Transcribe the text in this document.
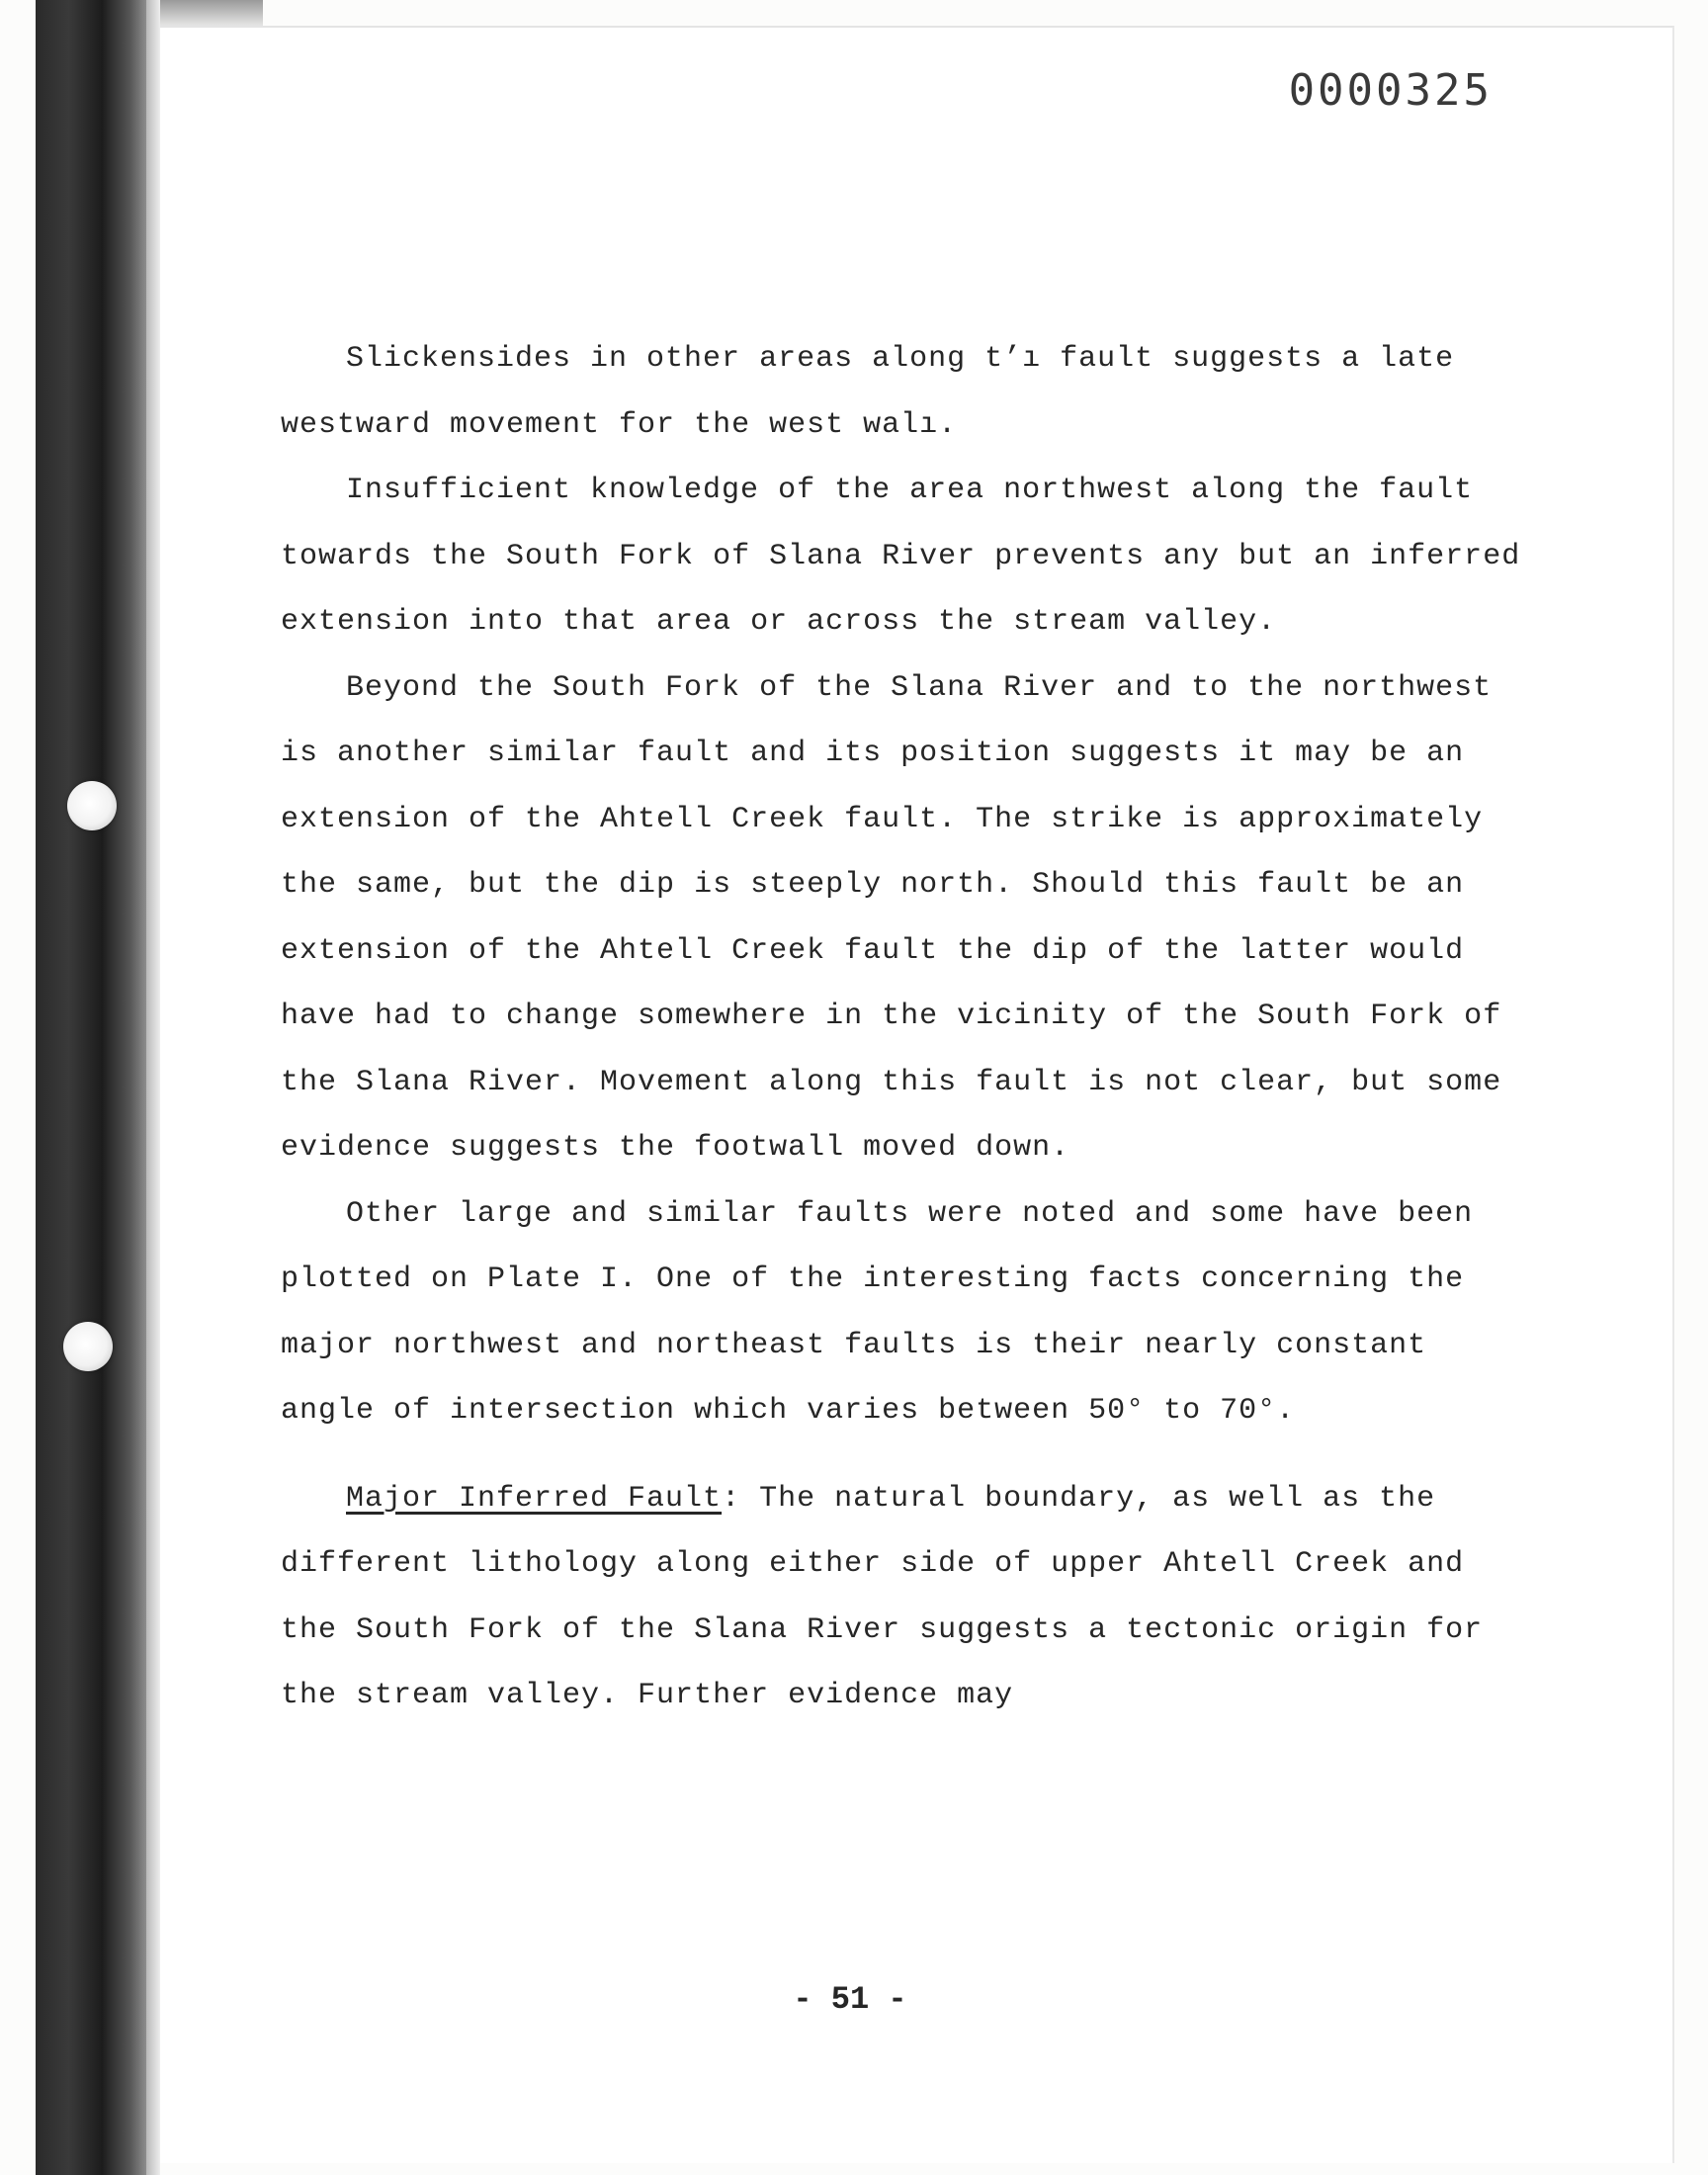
0000325

Slickensides in other areas along t’ı fault suggests a late westward movement for the west walı.

Insufficient knowledge of the area northwest along the fault towards the South Fork of Slana River prevents any but an inferred extension into that area or across the stream valley.

Beyond the South Fork of the Slana River and to the northwest is another similar fault and its position suggests it may be an extension of the Ahtell Creek fault. The strike is approximately the same, but the dip is steeply north. Should this fault be an extension of the Ahtell Creek fault the dip of the latter would have had to change somewhere in the vicinity of the South Fork of the Slana River. Movement along this fault is not clear, but some evidence suggests the footwall moved down.

Other large and similar faults were noted and some have been plotted on Plate I. One of the interesting facts concerning the major northwest and northeast faults is their nearly constant angle of intersection which varies between 50° to 70°.

Major Inferred Fault: The natural boundary, as well as the different lithology along either side of upper Ahtell Creek and the South Fork of the Slana River suggests a tectonic origin for the stream valley. Further evidence may

- 51 -
